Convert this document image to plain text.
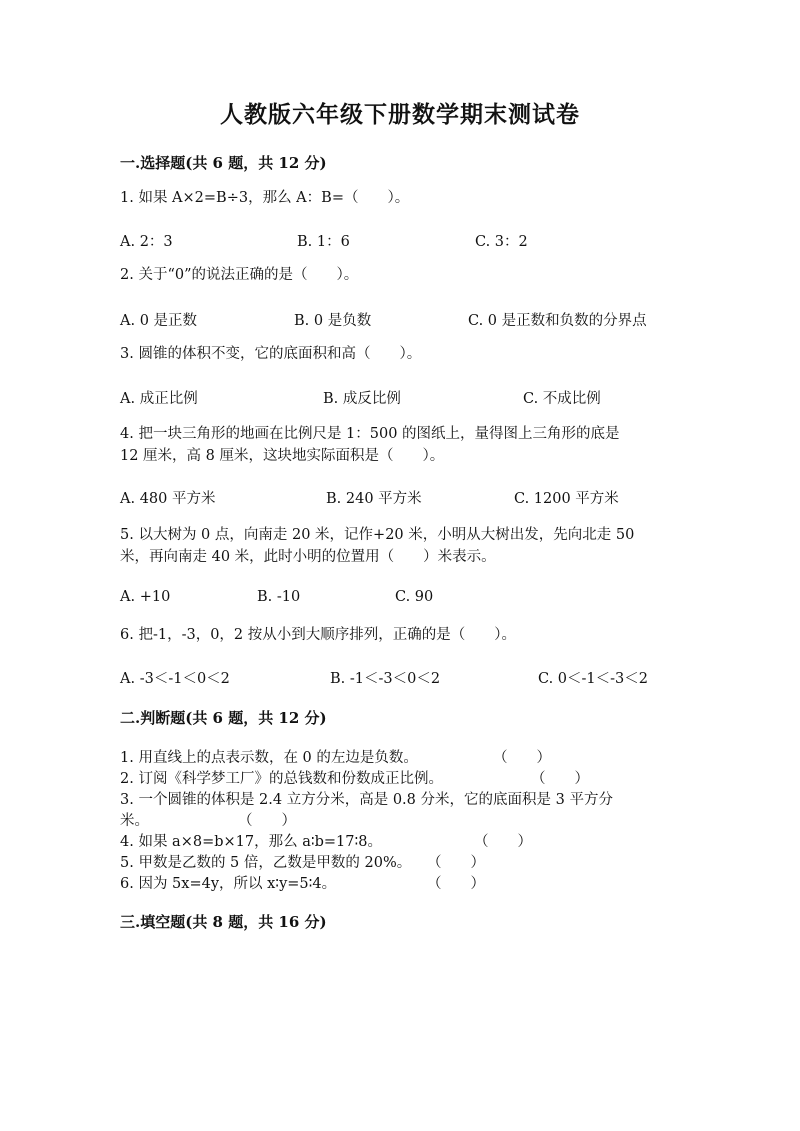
人教版六年级下册数学期末测试卷
一.选择题(共 6 题，共 12 分)
1. 如果 A×2=B÷3，那么 A：B=（　　）。
A. 2：3	B. 1：6	C. 3：2
2. 关于“0”的说法正确的是（　　）。
A. 0 是正数	B. 0 是负数	C. 0 是正数和负数的分界点
3. 圆锥的体积不变，它的底面积和高（　　）。
A. 成正比例	B. 成反比例	C. 不成比例
4. 把一块三角形的地画在比例尺是 1：500 的图纸上，量得图上三角形的底是
12 厘米，高 8 厘米，这块地实际面积是（　　）。
A. 480 平方米	B. 240 平方米	C. 1200 平方米
5. 以大树为 0 点，向南走 20 米，记作+20 米，小明从大树出发，先向北走 50
米，再向南走 40 米，此时小明的位置用（　　）米表示。
A. +10	B. -10	C. 90
6. 把-1，-3，0，2 按从小到大顺序排列，正确的是（　　）。
A. -3＜-1＜0＜2	B. -1＜-3＜0＜2	C. 0＜-1＜-3＜2
二.判断题(共 6 题，共 12 分)
1. 用直线上的点表示数，在 0 的左边是负数。	（　　）
2. 订阅《科学梦工厂》的总钱数和份数成正比例。	（　　）
3. 一个圆锥的体积是 2.4 立方分米，高是 0.8 分米，它的底面积是 3 平方分
米。	（　　）
4. 如果 a×8=b×17，那么 a∶b=17∶8。	（　　）
5. 甲数是乙数的 5 倍，乙数是甲数的 20%。 （　　）
6. 因为 5x=4y，所以 x∶y=5∶4。	（　　）
三.填空题(共 8 题，共 16 分)
